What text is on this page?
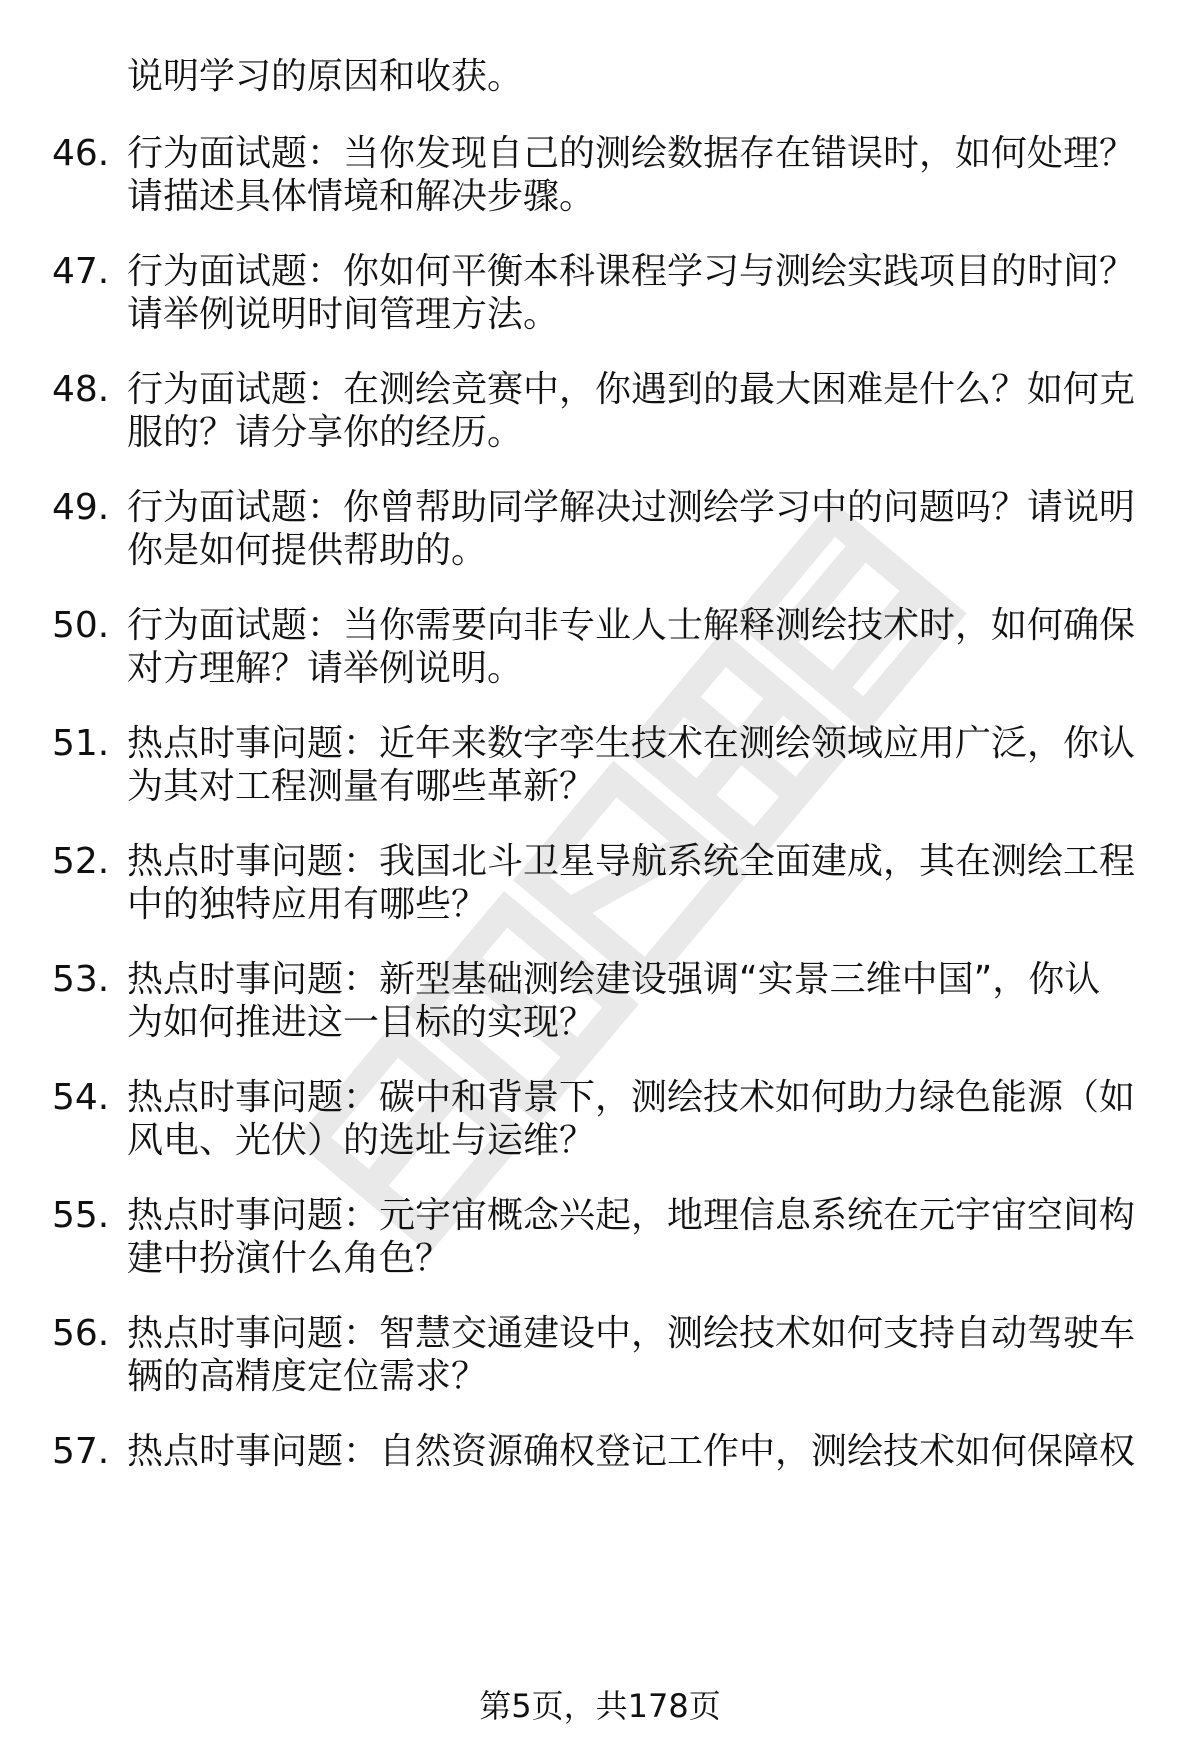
说明学习的原因和收获。
46. 行为面试题：当你发现自己的测绘数据存在错误时，如何处理？
请描述具体情境和解决步骤。
47. 行为面试题：你如何平衡本科课程学习与测绘实践项目的时间？
请举例说明时间管理方法。
48. 行为面试题：在测绘竞赛中，你遇到的最大困难是什么？如何克
服的？请分享你的经历。
49. 行为面试题：你曾帮助同学解决过测绘学习中的问题吗？请说明
你是如何提供帮助的。
50. 行为面试题：当你需要向非专业人士解释测绘技术时，如何确保
对方理解？请举例说明。
51. 热点时事问题：近年来数字孪生技术在测绘领域应用广泛，你认
为其对工程测量有哪些革新？
52. 热点时事问题：我国北斗卫星导航系统全面建成，其在测绘工程
中的独特应用有哪些？
53. 热点时事问题：新型基础测绘建设强调“实景三维中国”，你认
为如何推进这一目标的实现？
54. 热点时事问题：碳中和背景下，测绘技术如何助力绿色能源（如
风电、光伏）的选址与运维？
55. 热点时事问题：元宇宙概念兴起，地理信息系统在元宇宙空间构
建中扮演什么角色？
56. 热点时事问题：智慧交通建设中，测绘技术如何支持自动驾驶车
辆的高精度定位需求？
57. 热点时事问题：自然资源确权登记工作中，测绘技术如何保障权
第5页，共178页
